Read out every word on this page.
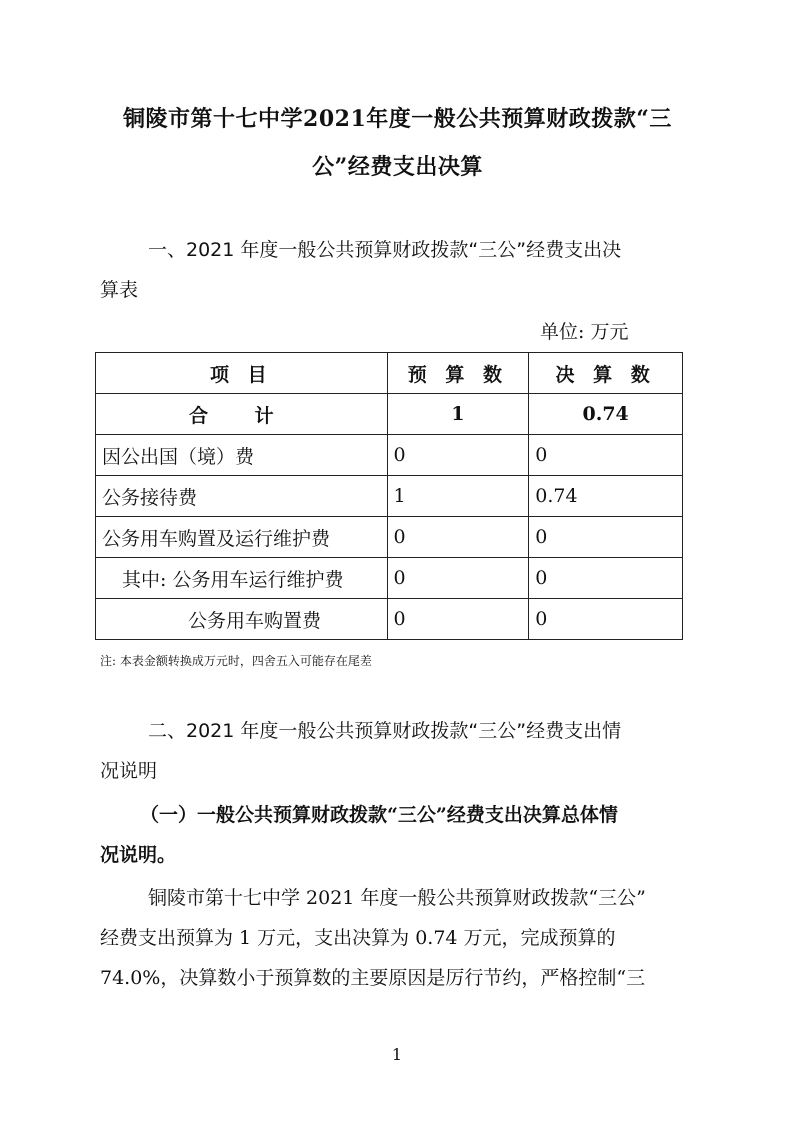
铜陵市第十七中学2021年度一般公共预算财政拨款“三
公”经费支出决算
一、2021 年度一般公共预算财政拨款“三公”经费支出决
算表
单位: 万元
项 目	预 算 数	决 算 数
合 计	1	0.74
因公出国（境）费	0	0
公务接待费	1	0.74
公务用车购置及运行维护费	0	0
其中: 公务用车运行维护费	0	0
公务用车购置费	0	0
注: 本表金额转换成万元时，四舍五入可能存在尾差
二、2021 年度一般公共预算财政拨款“三公”经费支出情
况说明
（一）一般公共预算财政拨款“三公”经费支出决算总体情
况说明。
铜陵市第十七中学 2021 年度一般公共预算财政拨款“三公”
经费支出预算为 1 万元，支出决算为 0.74 万元，完成预算的
74.0%，决算数小于预算数的主要原因是厉行节约，严格控制“三
1
